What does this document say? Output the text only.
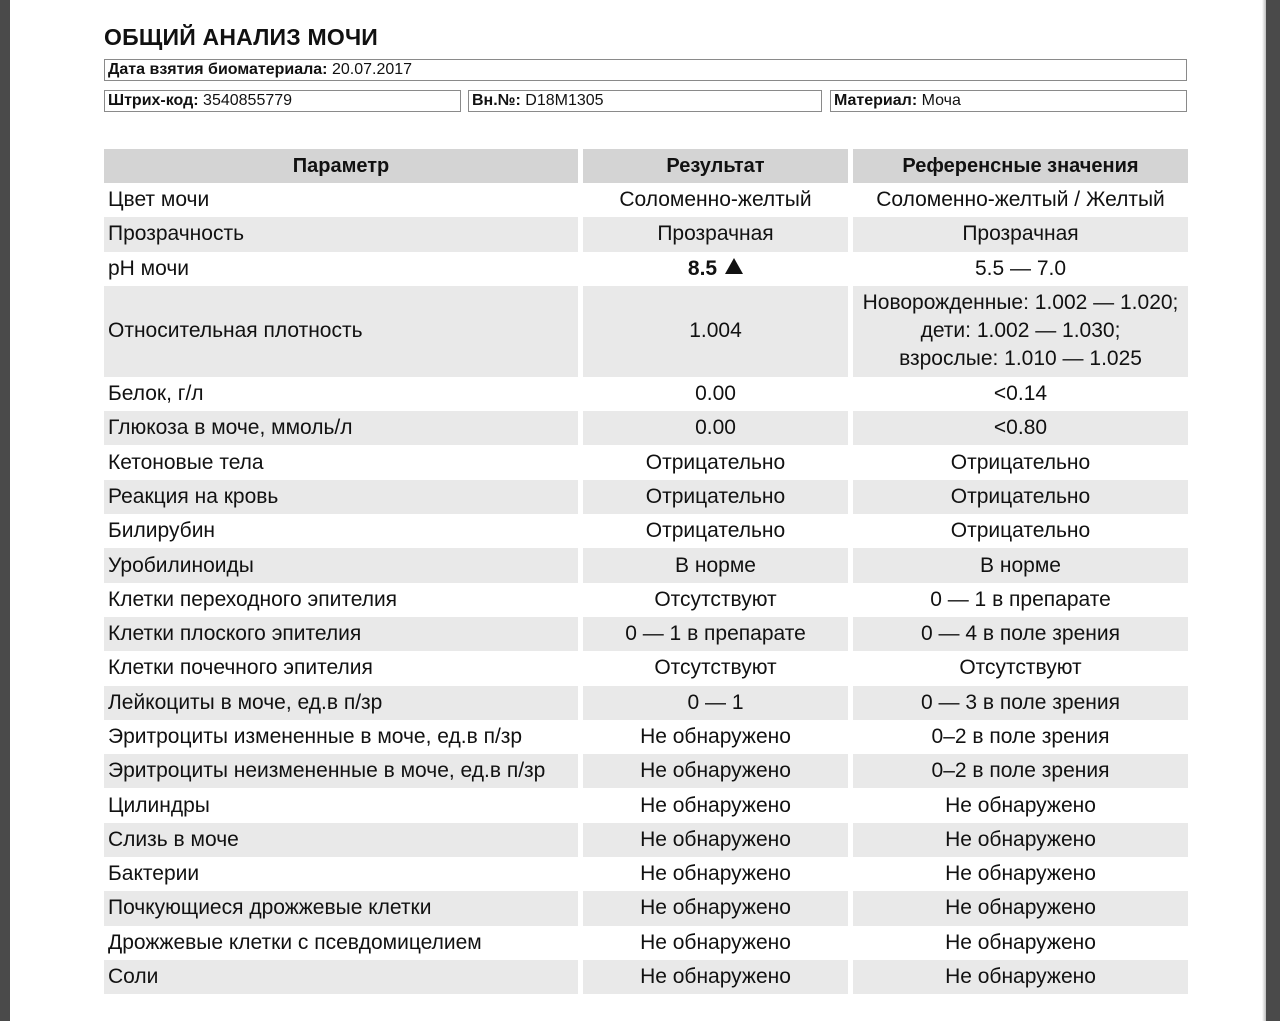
ОБЩИЙ АНАЛИЗ МОЧИ
Дата взятия биоматериала: 20.07.2017
Штрих-код: 3540855779	Вн.№: D18M1305	Материал: Моча
Параметр	Результат	Референсные значения
Цвет мочи	Соломенно-желтый	Соломенно-желтый / Желтый
Прозрачность	Прозрачная	Прозрачная
pH мочи	8.5	5.5 — 7.0
Относительная плотность	1.004	Новорожденные: 1.002 — 1.020;
дети: 1.002 — 1.030;
взрослые: 1.010 — 1.025

Белок, г/л	0.00	<0.14
Глюкоза в моче, ммоль/л	0.00	<0.80
Кетоновые тела	Отрицательно	Отрицательно
Реакция на кровь	Отрицательно	Отрицательно
Билирубин	Отрицательно	Отрицательно
Уробилиноиды	В норме	В норме
Клетки переходного эпителия	Отсутствуют	0 — 1 в препарате
Клетки плоского эпителия	0 — 1 в препарате	0 — 4 в поле зрения
Клетки почечного эпителия	Отсутствуют	Отсутствуют
Лейкоциты в моче, ед.в п/зр	0 — 1	0 — 3 в поле зрения
Эритроциты измененные в моче, ед.в п/зр	Не обнаружено	0–2 в поле зрения
Эритроциты неизмененные в моче, ед.в п/зр	Не обнаружено	0–2 в поле зрения
Цилиндры	Не обнаружено	Не обнаружено
Слизь в моче	Не обнаружено	Не обнаружено
Бактерии	Не обнаружено	Не обнаружено
Почкующиеся дрожжевые клетки	Не обнаружено	Не обнаружено
Дрожжевые клетки с псевдомицелием	Не обнаружено	Не обнаружено
Соли	Не обнаружено	Не обнаружено
